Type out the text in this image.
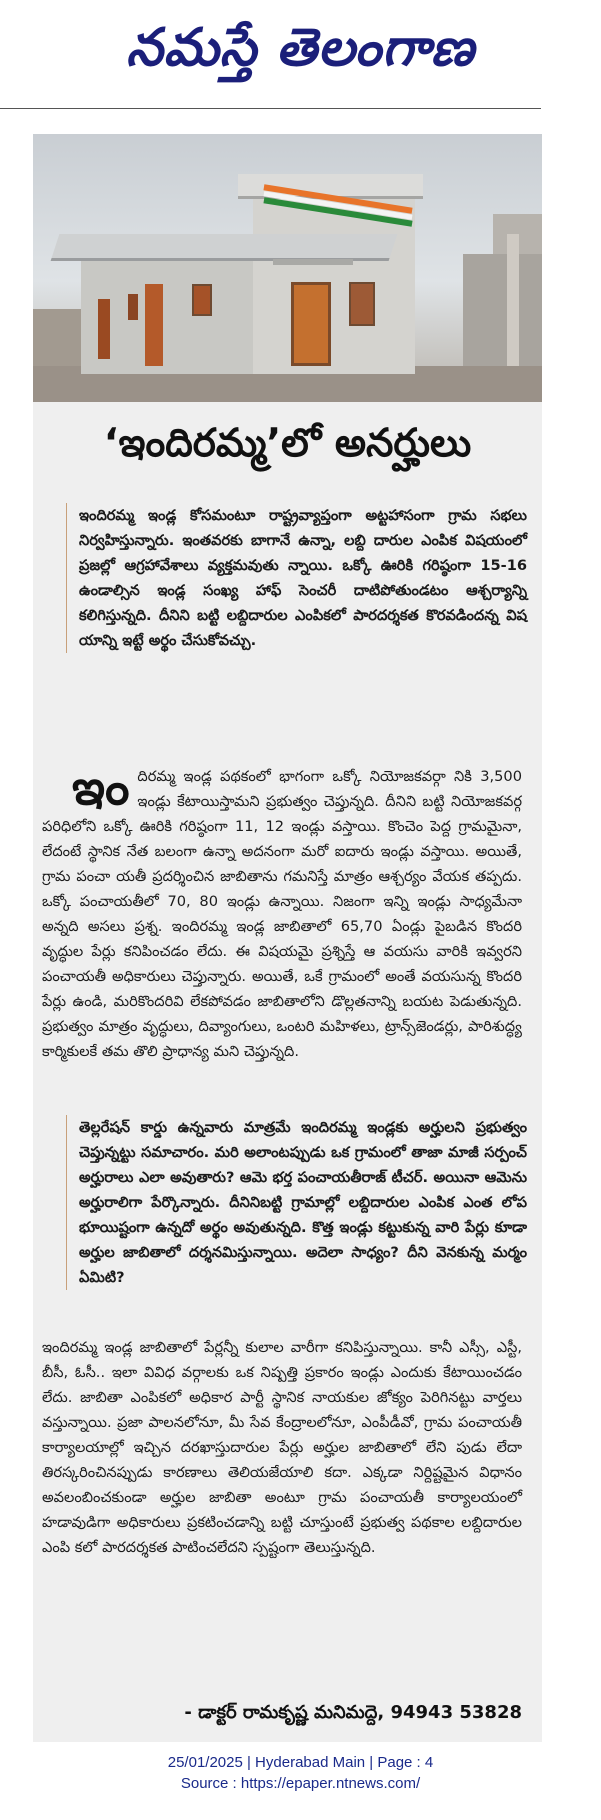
నమస్తే తెలంగాణ
‘ఇందిరమ్మ’లో అనర్హులు

ఇందిరమ్మ ఇండ్ల కోసమంటూ రాష్ట్రవ్యాప్తంగా అట్టహాసంగా గ్రామ సభలు నిర్వహిస్తున్నారు. ఇంతవరకు బాగానే ఉన్నా, లబ్ది దారుల ఎంపిక విషయంలో ప్రజల్లో ఆగ్రహావేశాలు వ్యక్తమవుతు న్నాయి. ఒక్కో ఊరికి గరిష్ఠంగా 15-16 ఉండాల్సిన ఇండ్ల సంఖ్య హాఫ్ సెంచరీ దాటిపోతుండటం ఆశ్చర్యాన్ని కలిగిస్తున్నది. దీనిని బట్టి లబ్దిదారుల ఎంపికలో పారదర్శకత కొరవడిందన్న విష యాన్ని ఇట్టే అర్థం చేసుకోవచ్చు.

ఇం దిరమ్మ ఇండ్ల పథకంలో భాగంగా ఒక్కో నియోజకవర్గా నికి 3,500 ఇండ్లు కేటాయిస్తామని ప్రభుత్వం చెప్తున్నది. దీనిని బట్టి నియోజకవర్గ పరిధిలోని ఒక్కో ఊరికి గరిష్ఠంగా 11, 12 ఇండ్లు వస్తాయి. కొంచెం పెద్ద గ్రామమైనా, లేదంటే స్థానిక నేత బలంగా ఉన్నా అదనంగా మరో ఐదారు ఇండ్లు వస్తాయి. అయితే, గ్రామ పంచా యతీ ప్రదర్శించిన జాబితాను గమనిస్తే మాత్రం ఆశ్చర్యం వేయక తప్పదు. ఒక్కో పంచాయతీలో 70, 80 ఇండ్లు ఉన్నాయి. నిజంగా ఇన్ని ఇండ్లు సాధ్యమేనా అన్నది అసలు ప్రశ్న. ఇందిరమ్మ ఇండ్ల జాబితాలో 65,70 ఏండ్లు పైబడిన కొందరి వృద్ధుల పేర్లు కనిపించడం లేదు. ఈ విషయమై ప్రశ్నిస్తే ఆ వయసు వారికి ఇవ్వరని పంచాయతీ అధికారులు చెప్తున్నారు. అయితే, ఒకే గ్రామంలో అంతే వయసున్న కొందరి పేర్లు ఉండి, మరికొందరివి లేకపోవడం జాబితాలోని డొల్లతనాన్ని బయట పెడుతున్నది. ప్రభుత్వం మాత్రం వృద్ధులు, దివ్యాంగులు, ఒంటరి మహిళలు, ట్రాన్స్‌జెండర్లు, పారిశుద్ధ్య కార్మికులకే తమ తొలి ప్రాధాన్య మని చెప్తున్నది.

తెల్లరేషన్ కార్డు ఉన్నవారు మాత్రమే ఇందిరమ్మ ఇండ్లకు అర్హులని ప్రభుత్వం చెప్తున్నట్టు సమాచారం. మరి అలాంటప్పుడు ఒక గ్రామంలో తాజా మాజీ సర్పంచ్ అర్హురాలు ఎలా అవుతారు? ఆమె భర్త పంచాయతీరాజ్ టీచర్. అయినా ఆమెను అర్హురాలిగా పేర్కొన్నారు. దీనినిబట్టి గ్రామాల్లో లబ్దిదారుల ఎంపిక ఎంత లోప భూయిష్టంగా ఉన్నదో అర్థం అవుతున్నది. కొత్త ఇండ్లు కట్టుకున్న వారి పేర్లు కూడా అర్హుల జాబితాలో దర్శనమిస్తున్నాయి. అదెలా సాధ్యం? దీని వెనకున్న మర్మం ఏమిటి?

ఇందిరమ్మ ఇండ్ల జాబితాలో పేర్లన్నీ కులాల వారీగా కనిపిస్తున్నాయి. కానీ ఎస్సీ, ఎస్టీ, బీసీ, ఓసీ.. ఇలా వివిధ వర్గాలకు ఒక నిష్పత్తి ప్రకారం ఇండ్లు ఎందుకు కేటాయించడం లేదు. జాబితా ఎంపికలో అధికార పార్టీ స్థానిక నాయకుల జోక్యం పెరిగినట్టు వార్తలు వస్తున్నాయి. ప్రజా పాలనలోనూ, మీ సేవ కేంద్రాలలోనూ, ఎంపీడీవో, గ్రామ పంచాయతీ కార్యాలయాల్లో ఇచ్చిన దరఖాస్తుదారుల పేర్లు అర్హుల జాబితాలో లేని పుడు లేదా తిరస్కరించినప్పుడు కారణాలు తెలియజేయాలి కదా. ఎక్కడా నిర్దిష్టమైన విధానం అవలంబించకుండా అర్హుల జాబితా అంటూ గ్రామ పంచాయతీ కార్యాలయంలో హడావుడిగా అధికారులు ప్రకటించడాన్ని బట్టి చూస్తుంటే ప్రభుత్వ పథకాల లబ్దిదారుల ఎంపి కలో పారదర్శకత పాటించలేదని స్పష్టంగా తెలుస్తున్నది.

- డాక్టర్ రామకృష్ణ మనిమద్దె, 94943 53828
25/01/2025 | Hyderabad Main | Page : 4
Source : https://epaper.ntnews.com/
